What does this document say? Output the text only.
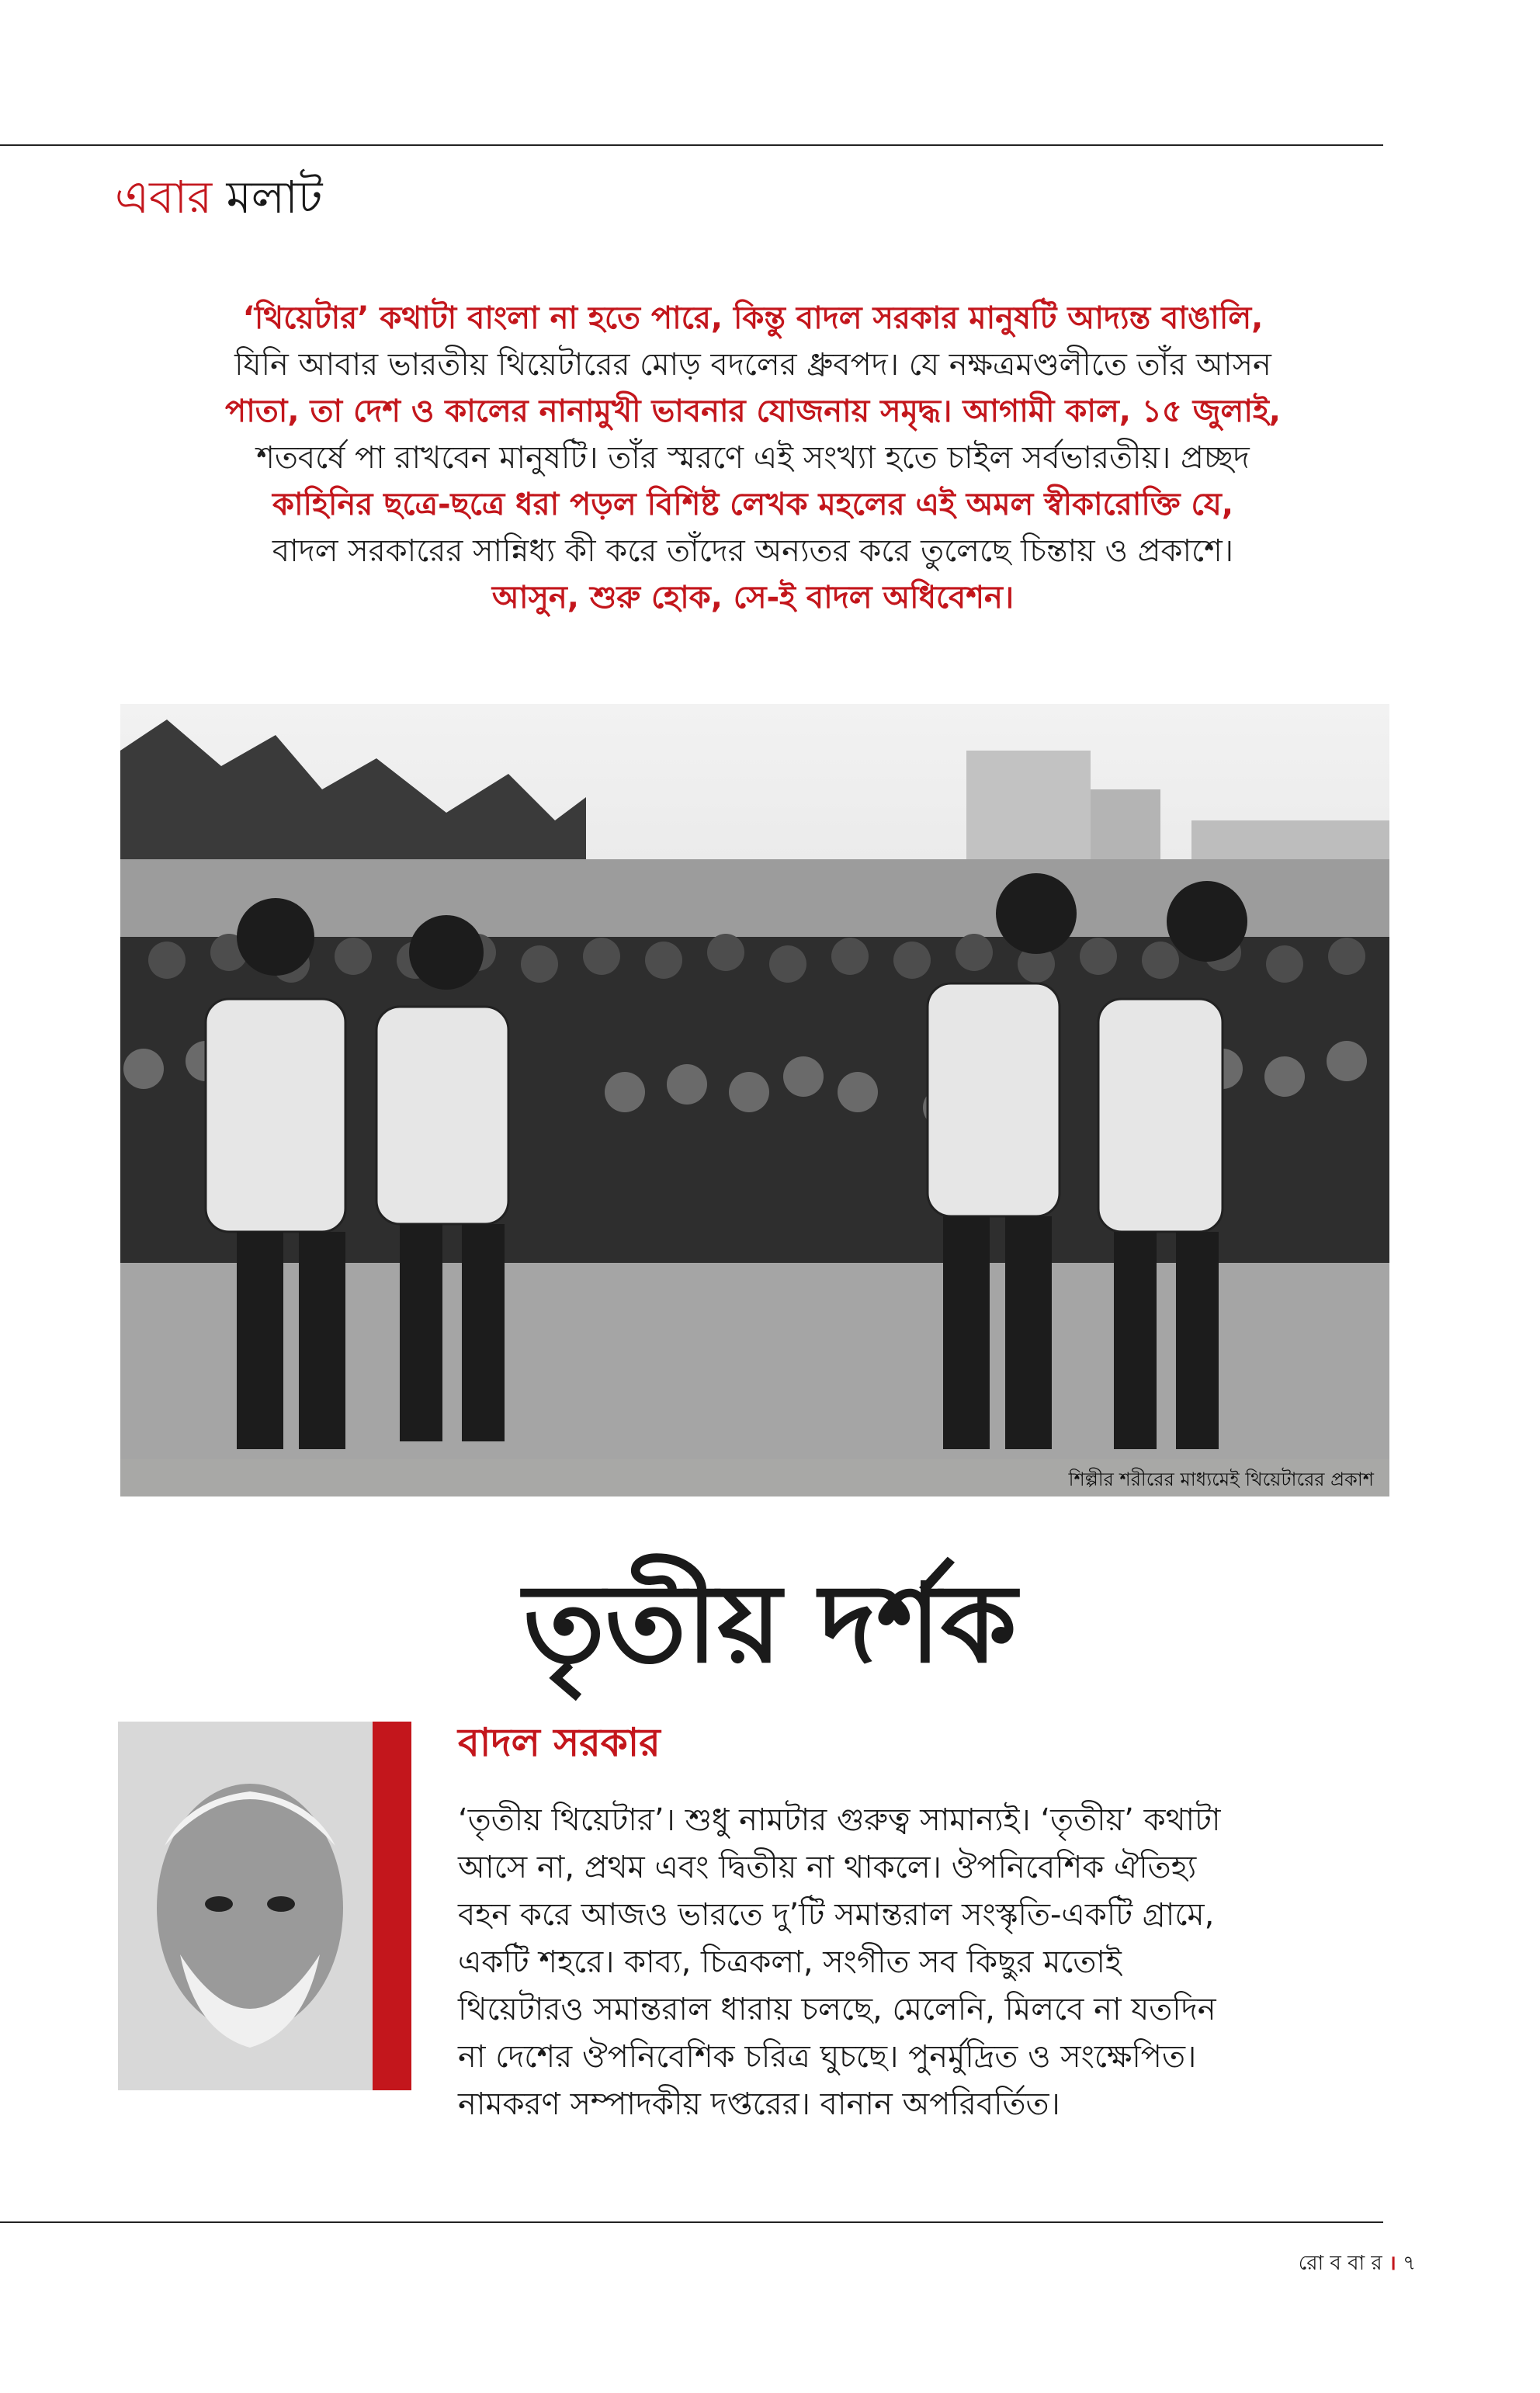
এবার মলাট
‘থিয়েটার’ কথাটা বাংলা না হতে পারে, কিন্তু বাদল সরকার মানুষটি আদ্যন্ত বাঙালি,
যিনি আবার ভারতীয় থিয়েটারের মোড় বদলের ধ্রুবপদ। যে নক্ষত্রমণ্ডলীতে তাঁর আসন
পাতা, তা দেশ ও কালের নানামুখী ভাবনার যোজনায় সমৃদ্ধ। আগামী কাল, ১৫ জুলাই,
শতবর্ষে পা রাখবেন মানুষটি। তাঁর স্মরণে এই সংখ্যা হতে চাইল সর্বভারতীয়। প্রচ্ছদ
কাহিনির ছত্রে-ছত্রে ধরা পড়ল বিশিষ্ট লেখক মহলের এই অমল স্বীকারোক্তি যে,
বাদল সরকারের সান্নিধ্য কী করে তাঁদের অন্যতর করে তুলেছে চিন্তায় ও প্রকাশে।
আসুন, শুরু হোক, সে-ই বাদল অধিবেশন।
শিল্পীর শরীরের মাধ্যমেই থিয়েটারের প্রকাশ
তৃতীয় দর্শক
বাদল সরকার
‘তৃতীয় থিয়েটার’। শুধু নামটার গুরুত্ব সামান্যই। ‘তৃতীয়’ কথাটা
আসে না, প্রথম এবং দ্বিতীয় না থাকলে। ঔপনিবেশিক ঐতিহ্য
বহন করে আজও ভারতে দু’টি সমান্তরাল সংস্কৃতি-একটি গ্রামে,
একটি শহরে। কাব্য, চিত্রকলা, সংগীত সব কিছুর মতোই
থিয়েটারও সমান্তরাল ধারায় চলছে, মেলেনি, মিলবে না যতদিন
না দেশের ঔপনিবেশিক চরিত্র ঘুচছে। পুনর্মুদ্রিত ও সংক্ষেপিত।
নামকরণ সম্পাদকীয় দপ্তরের। বানান অপরিবর্তিত।
রো ব বা র । ৭
